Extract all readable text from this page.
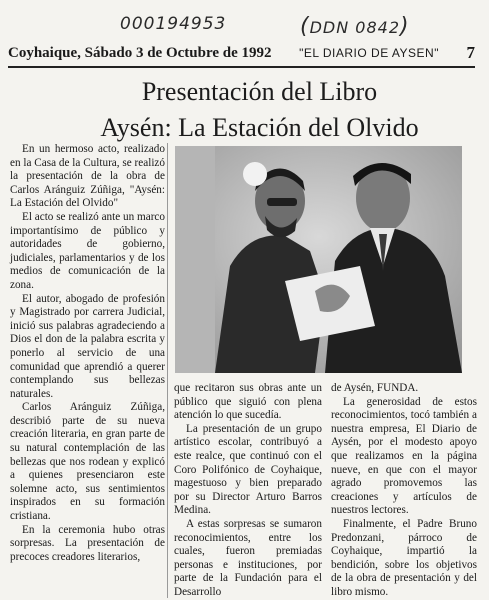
000194953	(DDN 0842)
Coyhaique, Sábado 3 de Octubre de 1992 "EL DIARIO DE AYSEN" 7
Presentación del Libro
Aysén: La Estación del Olvido

En un hermoso acto, realizado en la Casa de la Cultura, se realizó la presentación de la obra de Carlos Aránguiz Zúñiga, "Aysén: La Estación del Olvido"

El acto se realizó ante un marco importantísimo de público y autoridades de gobierno, judiciales, parlamentarios y de los medios de comunicación de la zona.

El autor, abogado de profesión y Magistrado por carrera Judicial, inició sus palabras agradeciendo a Dios el don de la palabra escrita y ponerlo al servicio de una comunidad que aprendió a querer contemplando sus bellezas naturales.

Carlos Aránguiz Zúñiga, describió parte de su nueva creación literaria, en gran parte de su natural contemplación de las bellezas que nos rodean y explicó a quienes presenciaron este solemne acto, sus sentimientos inspirados en su formación cristiana.

En la ceremonia hubo otras sorpresas. La presentación de precoces creadores literarios,

que recitaron sus obras ante un público que siguió con plena atención lo que sucedía.

La presentación de un grupo artístico escolar, contribuyó a este realce, que continuó con el Coro Polifónico de Coyhaique, magestuoso y bien preparado por su Director Arturo Barros Medina.

A estas sorpresas se sumaron reconocimientos, entre los cuales, fueron premiadas personas e instituciones, por parte de la Fundación para el Desarrollo

de Aysén, FUNDA.

La generosidad de estos reconocimientos, tocó también a nuestra empresa, El Diario de Aysén, por el modesto apoyo que realizamos en la página nueve, en que con el mayor agrado promovemos las creaciones y artículos de nuestros lectores.

Finalmente, el Padre Bruno Predonzani, párroco de Coyhaique, impartió la bendición, sobre los objetivos de la obra de presentación y del libro mismo.
